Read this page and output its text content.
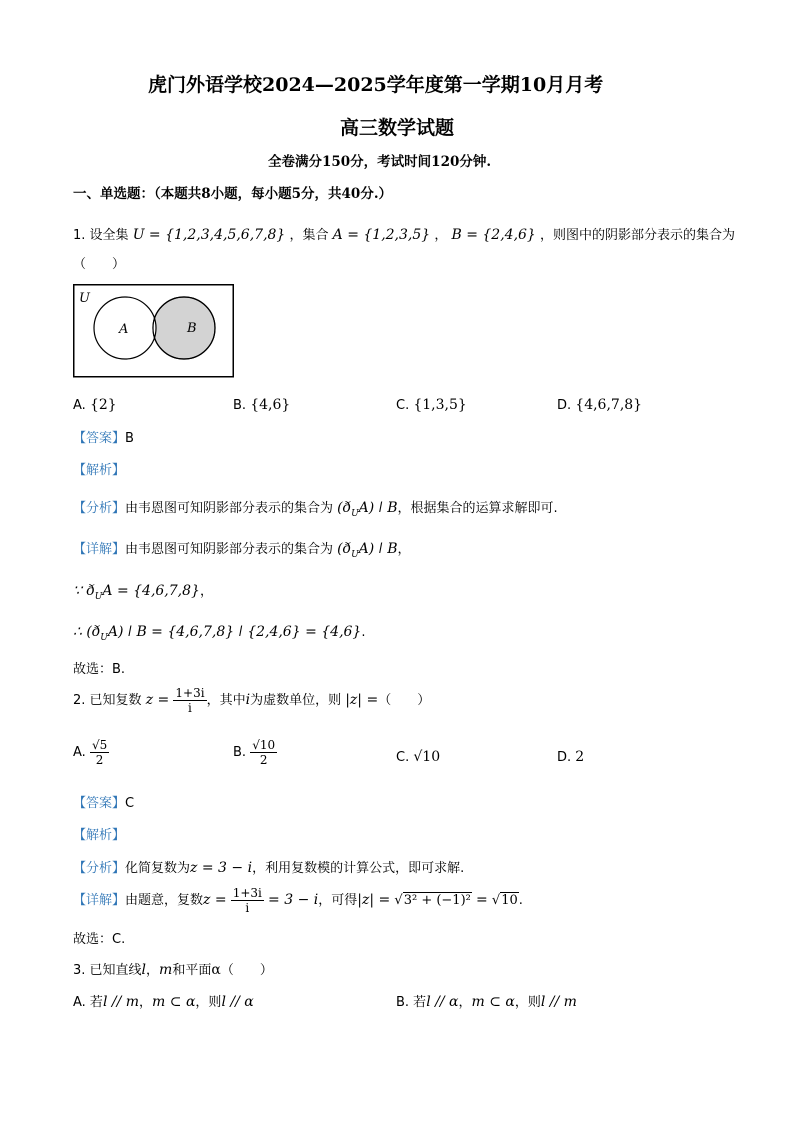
虎门外语学校2024—2025学年度第一学期10月月考
高三数学试题
全卷满分150分，考试时间120分钟.
一、单选题：（本题共8小题，每小题5分，共40分.）
1. 设全集 U = {1,2,3,4,5,6,7,8} ，集合 A = {1,2,3,5} ， B = {2,4,6} ，则图中的阴影部分表示的集合为
（　　）
U
A	B
A. {2}	B. {4,6}	C. {1,3,5}	D. {4,6,7,8}
【答案】B
【解析】
【分析】由韦恩图可知阴影部分表示的集合为 $(ð_UA)$ ǀ B，根据集合的运算求解即可.
【详解】由韦恩图可知阴影部分表示的集合为 $(ð_UA)$ ǀ B，
∵ $ð_UA = \{4,6,7,8\}$，
∴ $(ð_UA)$ ǀ B = {4,6,7,8} ǀ {2,4,6} = {4,6}.
故选：B.
2. 已知复数 $z = \frac{1+3i}{i}$ ，其中i为虚数单位，则 |z| =（　　）
A. $\frac{√5}{2}$	B. $\frac{√10}{2}$	C. √10	D. 2
【答案】C
【解析】
【分析】化简复数为z = 3 − i，利用复数模的计算公式，即可求解.
【详解】由题意，复数$z = \frac{1+3i}{i} = 3 - i$，可得|z| = √3² + (−1)² = √10.
故选：C.
3. 已知直线l，m和平面α（　　）
A. 若l // m，m ⊂ α，则l // α	B. 若l // α，m ⊂ α，则l // m
